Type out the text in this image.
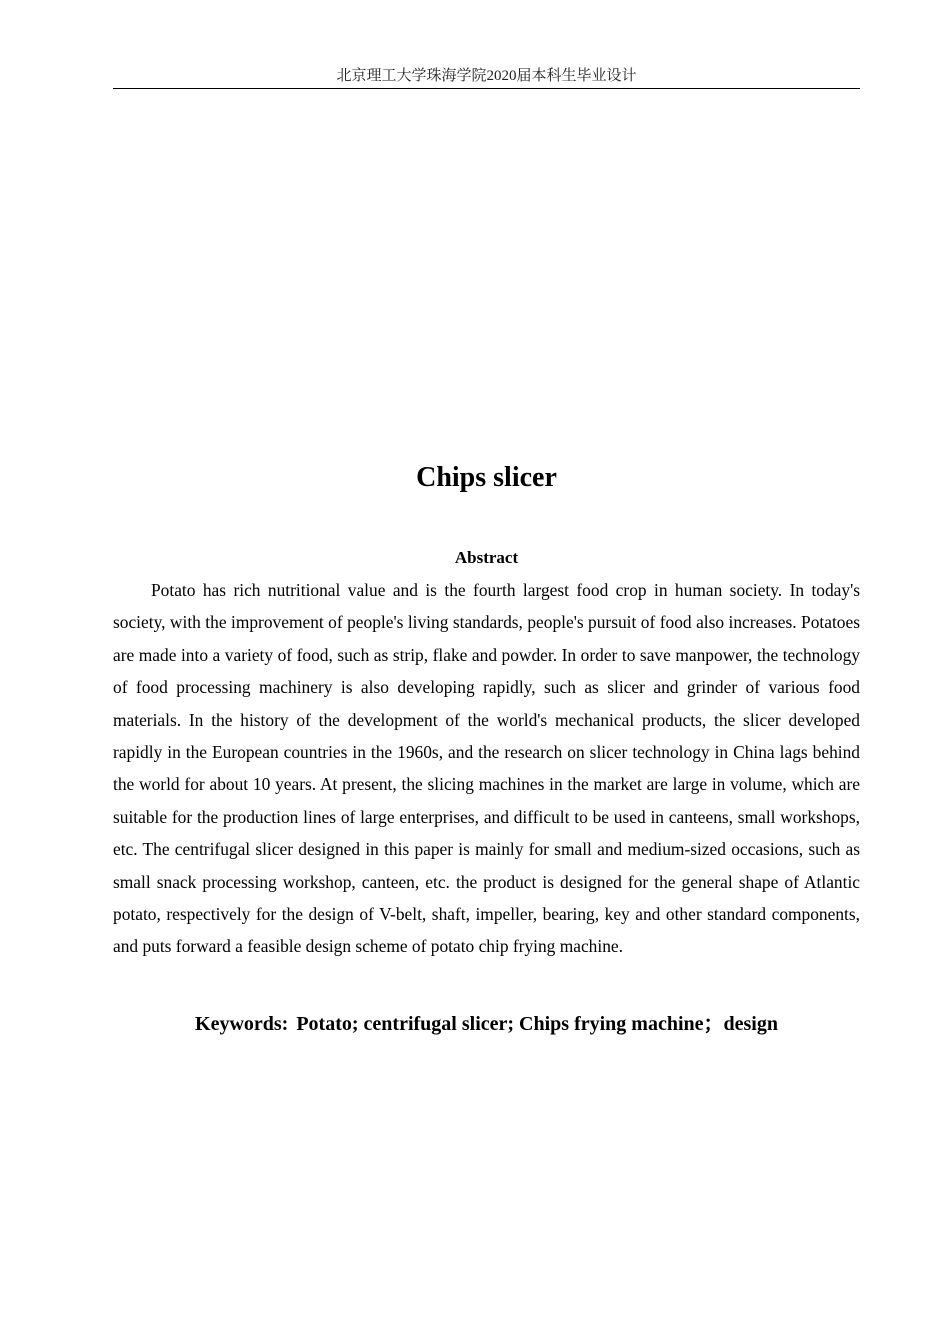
北京理工大学珠海学院2020届本科生毕业设计
Chips slicer
Abstract

Potato has rich nutritional value and is the fourth largest food crop in human society. In today's society, with the improvement of people's living standards, people's pursuit of food also increases. Potatoes are made into a variety of food, such as strip, flake and powder. In order to save manpower, the technology of food processing machinery is also developing rapidly, such as slicer and grinder of various food materials. In the history of the development of the world's mechanical products, the slicer developed rapidly in the European countries in the 1960s, and the research on slicer technology in China lags behind the world for about 10 years. At present, the slicing machines in the market are large in volume, which are suitable for the production lines of large enterprises, and difficult to be used in canteens, small workshops, etc. The centrifugal slicer designed in this paper is mainly for small and medium-sized occasions, such as small snack processing workshop, canteen, etc. the product is designed for the general shape of Atlantic potato, respectively for the design of V-belt, shaft, impeller, bearing, key and other standard components, and puts forward a feasible design scheme of potato chip frying machine.

Keywords: Potato; centrifugal slicer; Chips frying machine；design
